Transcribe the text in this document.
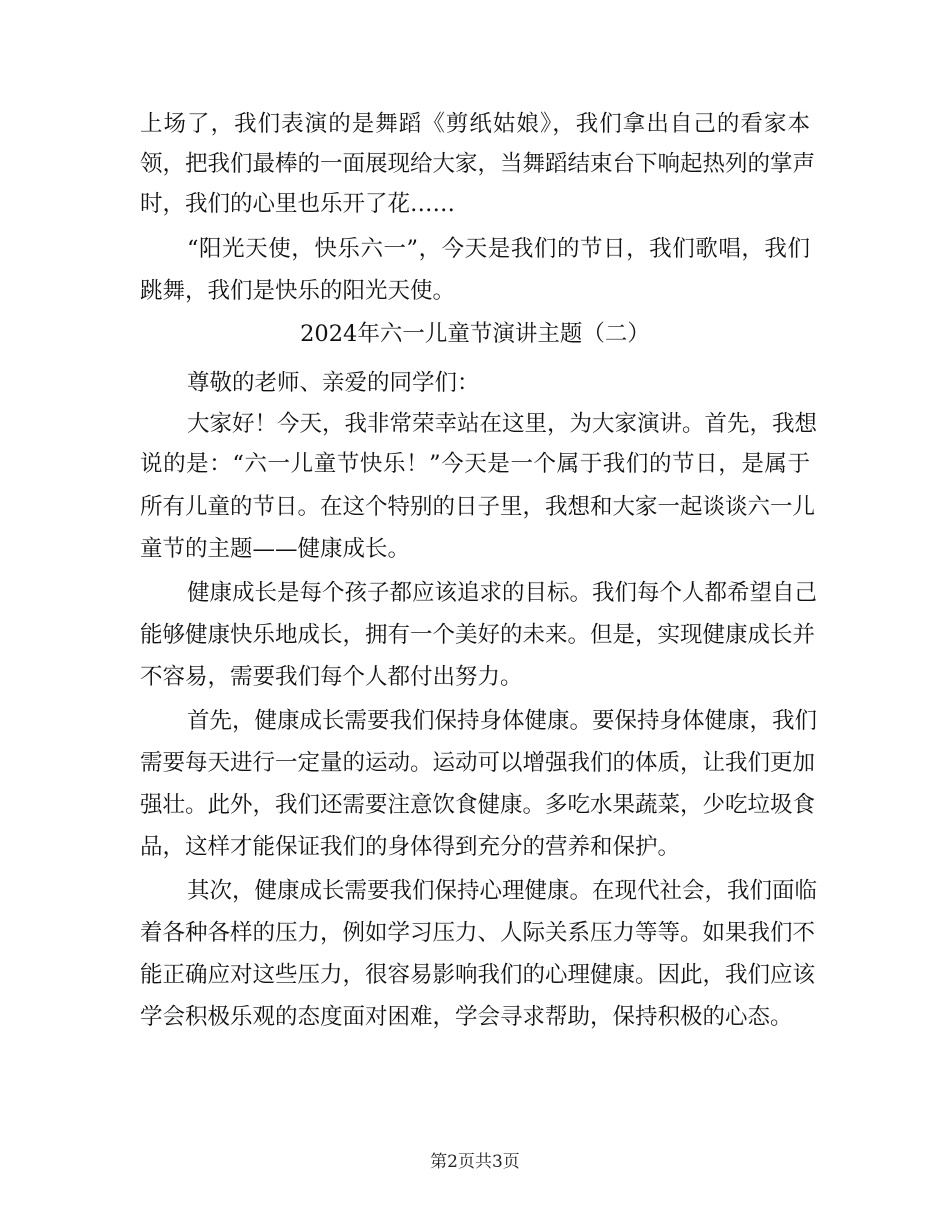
上场了，我们表演的是舞蹈《剪纸姑娘》，我们拿出自己的看家本
领，把我们最棒的一面展现给大家，当舞蹈结束台下响起热列的掌声
时，我们的心里也乐开了花……
“阳光天使，快乐六一”，今天是我们的节日，我们歌唱，我们
跳舞，我们是快乐的阳光天使。
2024年六一儿童节演讲主题（二）
尊敬的老师、亲爱的同学们：
大家好！今天，我非常荣幸站在这里，为大家演讲。首先，我想
说的是：“六一儿童节快乐！”今天是一个属于我们的节日，是属于
所有儿童的节日。在这个特别的日子里，我想和大家一起谈谈六一儿
童节的主题——健康成长。
健康成长是每个孩子都应该追求的目标。我们每个人都希望自己
能够健康快乐地成长，拥有一个美好的未来。但是，实现健康成长并
不容易，需要我们每个人都付出努力。
首先，健康成长需要我们保持身体健康。要保持身体健康，我们
需要每天进行一定量的运动。运动可以增强我们的体质，让我们更加
强壮。此外，我们还需要注意饮食健康。多吃水果蔬菜，少吃垃圾食
品，这样才能保证我们的身体得到充分的营养和保护。
其次，健康成长需要我们保持心理健康。在现代社会，我们面临
着各种各样的压力，例如学习压力、人际关系压力等等。如果我们不
能正确应对这些压力，很容易影响我们的心理健康。因此，我们应该
学会积极乐观的态度面对困难，学会寻求帮助，保持积极的心态。
第2页共3页
